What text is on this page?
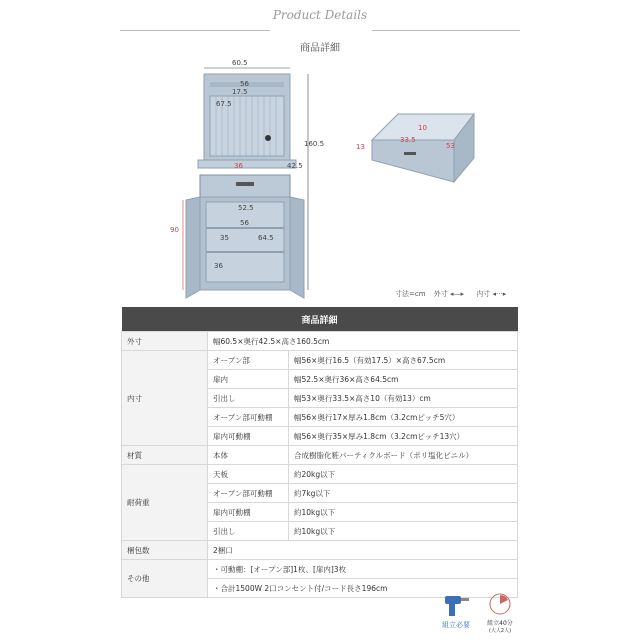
Product Details
商品詳細
60.5
56
17.5
67.5
160.5
42.5
36
90
52.5
56
64.5
35
36
10
33.5
53
13
寸法=cm 外寸 ◂—▸ 内寸 ◂···▸
商品詳細		
外寸	幅60.5×奥行42.5×高さ160.5cm	
内寸	オープン部	幅56×奥行16.5（有効17.5）×高さ67.5cm
	扉内	幅52.5×奥行36×高さ64.5cm
	引出し	幅53×奥行33.5×高さ10（有効13）cm
	オープン部可動棚	幅56×奥行17×厚み1.8cm（3.2cmピッチ5穴）
	扉内可動棚	幅56×奥行35×厚み1.8cm（3.2cmピッチ13穴）
材質	本体	合成樹脂化粧パーティクルボード（ポリ塩化ビニル）
耐荷重	天板	約20kg以下
	オープン部可動棚	約7kg以下
	扉内可動棚	約10kg以下
	引出し	約10kg以下
梱包数	2梱口	
その他	・可動棚：[オープン部]1枚、[扉内]3枚	
	・合計1500W 2口コンセント付/コード長さ196cm	
組立必要	組立40分
(大人2人)
